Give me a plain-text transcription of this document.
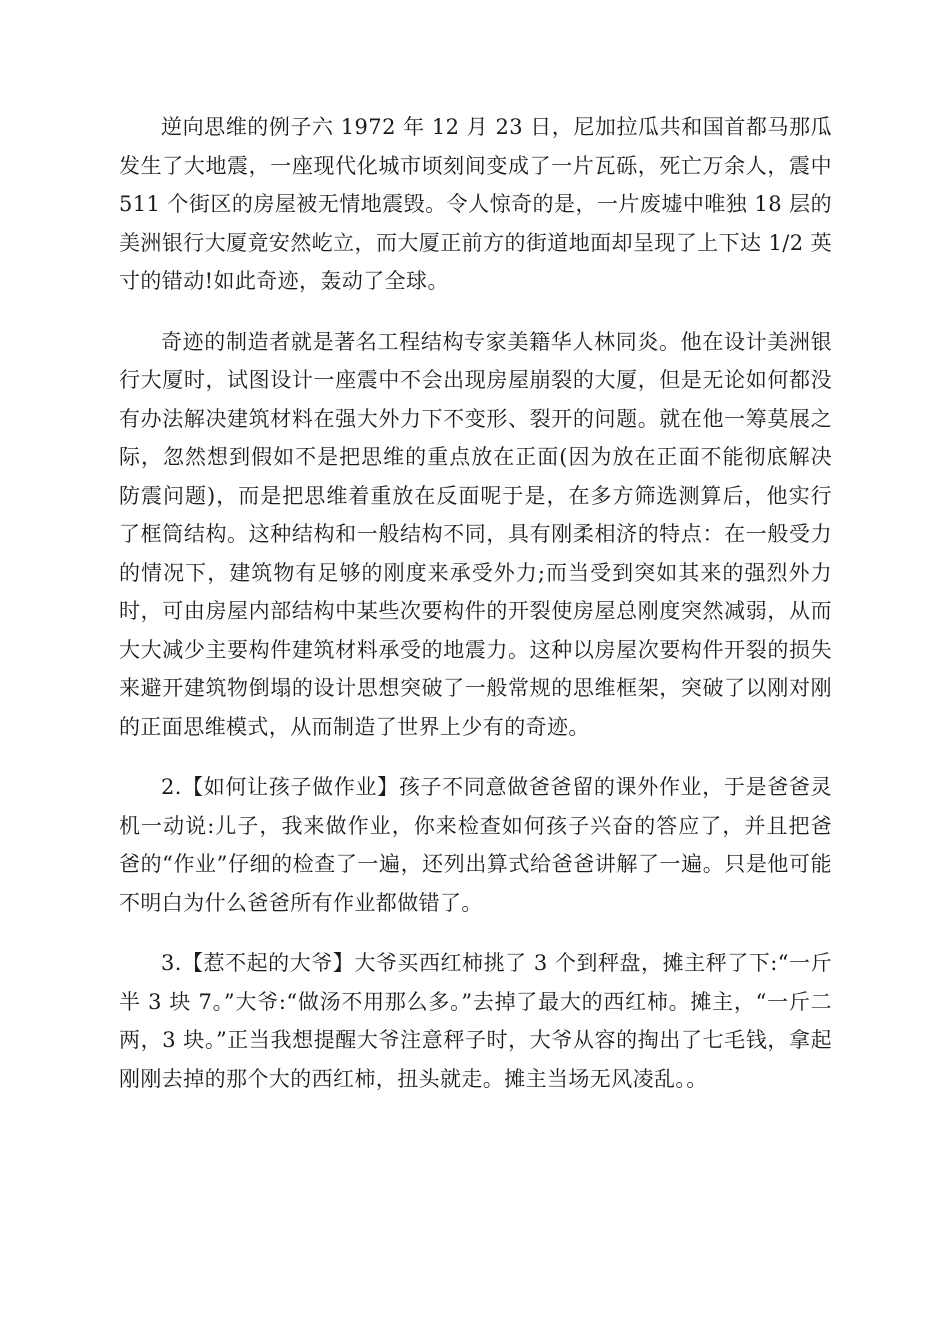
逆向思维的例子六 1972 年 12 月 23 日，尼加拉瓜共和国首都马那瓜发生了大地震，一座现代化城市顷刻间变成了一片瓦砾，死亡万余人，震中 511 个街区的房屋被无情地震毁。令人惊奇的是，一片废墟中唯独 18 层的美洲银行大厦竟安然屹立，而大厦正前方的街道地面却呈现了上下达 1/2 英寸的错动!如此奇迹，轰动了全球。

奇迹的制造者就是著名工程结构专家美籍华人林同炎。他在设计美洲银行大厦时，试图设计一座震中不会出现房屋崩裂的大厦，但是无论如何都没有办法解决建筑材料在强大外力下不变形、裂开的问题。就在他一筹莫展之际，忽然想到假如不是把思维的重点放在正面(因为放在正面不能彻底解决防震问题)，而是把思维着重放在反面呢于是，在多方筛选测算后，他实行了框筒结构。这种结构和一般结构不同，具有刚柔相济的特点：在一般受力的情况下，建筑物有足够的刚度来承受外力;而当受到突如其来的强烈外力时，可由房屋内部结构中某些次要构件的开裂使房屋总刚度突然减弱，从而大大减少主要构件建筑材料承受的地震力。这种以房屋次要构件开裂的损失来避开建筑物倒塌的设计思想突破了一般常规的思维框架，突破了以刚对刚的正面思维模式，从而制造了世界上少有的奇迹。

2.【如何让孩子做作业】孩子不同意做爸爸留的课外作业，于是爸爸灵机一动说:儿子，我来做作业，你来检查如何孩子兴奋的答应了，并且把爸爸的“作业”仔细的检查了一遍，还列出算式给爸爸讲解了一遍。只是他可能不明白为什么爸爸所有作业都做错了。

3.【惹不起的大爷】大爷买西红柿挑了 3 个到秤盘，摊主秤了下:“一斤半 3 块 7。”大爷:“做汤不用那么多。”去掉了最大的西红柿。摊主，“一斤二两，3 块。”正当我想提醒大爷注意秤子时，大爷从容的掏出了七毛钱，拿起刚刚去掉的那个大的西红柿，扭头就走。摊主当场无风凌乱。。
